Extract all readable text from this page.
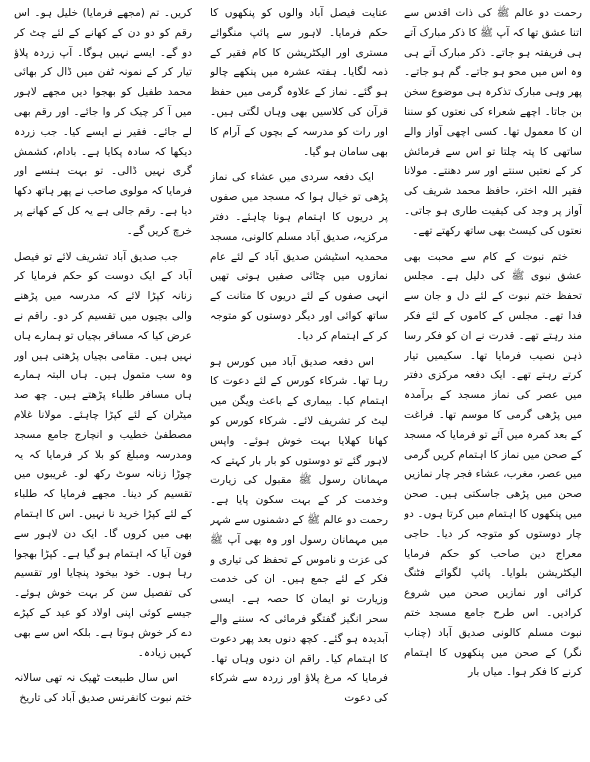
رحمت دو عالم ﷺ کی ذات اقدس سے اتنا عشق تھا کہ آپ ﷺ کا ذکر مبارک آتے ہی فریفتہ ہو جاتے۔ ذکر مبارک آتے ہی وہ اس میں محو ہو جاتے۔ گم ہو جاتے۔ پھر وہی مبارک تذکرہ ہی موضوع سخن بن جاتا۔ اچھے شعراء کی نعتوں کو سننا ان کا معمول تھا۔ کسی اچھی آواز والے ساتھی کا پتہ چلتا تو اس سے فرمائش کر کے نعتیں سنتے اور سر دھنتے۔ مولانا فقیر اللہ اختر، حافظ محمد شریف کی آواز پر وجد کی کیفیت طاری ہو جاتی۔ نعتوں کی کیسٹ بھی ساتھ رکھتے تھے۔

ختم نبوت کے کام سے محبت بھی عشق نبوی ﷺ کی دلیل ہے۔ مجلس تحفظ ختم نبوت کے لئے دل و جان سے فدا تھے۔ مجلس کے کاموں کے لئے فکر مند رہتے تھے۔ قدرت نے ان کو فکر رسا ذہن نصیب فرمایا تھا۔ سکیمیں تیار کرتے رہتے تھے۔ ایک دفعہ مرکزی دفتر میں عصر کی نماز مسجد کے برآمدہ میں پڑھی گرمی کا موسم تھا۔ فراغت کے بعد کمرہ میں آئے تو فرمایا کہ مسجد کے صحن میں نماز کا اہتمام کریں گرمی میں عصر، مغرب، عشاء فجر چار نمازیں صحن میں پڑھی جاسکتی ہیں۔ صحن میں پنکھوں کا اہتمام میں کرتا ہوں۔ دو چار دوستوں کو متوجہ کر دیا۔ حاجی معراج دین صاحب کو حکم فرمایا الیکٹریشن بلوایا۔ پائپ لگوائے فٹنگ کرائی اور نمازیں صحن میں شروع کرادیں۔ اس طرح جامع مسجد ختم نبوت مسلم کالونی صدیق آباد (چناب نگر) کے صحن میں پنکھوں کا اہتمام کرنے کا فکر ہوا۔ میاں بار

عنایت فیصل آباد والوں کو پنکھوں کا حکم فرمایا۔ لاہور سے پائپ منگوائے مستری اور الیکٹریشن کا کام فقیر کے ذمہ لگایا۔ ہفتہ عشرہ میں پنکھے چالو ہو گئے۔ نماز کے علاوہ گرمی میں حفظ قرآن کی کلاسیں بھی وہاں لگتی ہیں۔ اور رات کو مدرسہ کے بچوں کے آرام کا بھی سامان ہو گیا۔

ایک دفعہ سردی میں عشاء کی نماز پڑھی تو خیال ہوا کہ مسجد میں صفوں پر دریوں کا اہتمام ہونا چاہئے۔ دفتر مرکزیہ، صدیق آباد مسلم کالونی، مسجد محمدیہ اسٹیشن صدیق آباد کے لئے عام نمازوں میں چٹائی صفیں ہوتی تھیں انہی صفوں کے لئے دریوں کا متانت کے ساتھ کوائی اور دیگر دوستوں کو متوجہ کر کے اہتمام کر دیا۔

اس دفعہ صدیق آباد میں کورس ہو رہا تھا۔ شرکاء کورس کے لئے دعوت کا اہتمام کیا۔ بیماری کے باعث ویگن میں لیٹ کر تشریف لائے۔ شرکاء کورس کو کھانا کھلایا بہت خوش ہوئے۔ واپس لاہور گئے تو دوستوں کو بار بار کہتے کہ مہمانان رسول ﷺ مقبول کی زیارت وخدمت کر کے بہت سکون پایا ہے۔ رحمت دو عالم ﷺ کے دشمنوں سے شہر میں مہمانان رسول اور وہ بھی آپ ﷺ کی عزت و ناموس کے تحفظ کی تیاری و فکر کے لئے جمع ہیں۔ ان کی خدمت وزیارت تو ایمان کا حصہ ہے۔ ایسی سحر انگیز گفتگو فرمائی کہ سننے والے آبدیدہ ہو گئے۔ کچھ دنوں بعد پھر دعوت کا اہتمام کیا۔ راقم ان دنوں وہاں تھا۔ فرمایا کہ مرغ پلاؤ اور زردہ سے شرکاء کی دعوت

کریں۔ تم (مجھے فرمایا) خلیل ہو۔ اس رقم کو دو دن کے کھانے کے لئے چٹ کر دو گے۔ ایسے نہیں ہوگا۔ آپ زردہ پلاؤ تیار کر کے نمونہ ٹفن میں ڈال کر بھائی محمد طفیل کو بھجوا دیں مجھے لاہور میں آ کر چیک کر وا جائے۔ اور رقم بھی لے جائے۔ فقیر نے ایسے کیا۔ جب زردہ دیکھا کہ سادہ پکایا ہے۔ بادام، کشمش گری نہیں ڈالی۔ تو بہت ہنسے اور فرمایا کہ مولوی صاحب نے پھر ہاتھ دکھا دیا ہے۔ رقم جالی ہے یہ کل کے کھانے پر خرچ کریں گے۔

جب صدیق آباد تشریف لائے تو فیصل آباد کے ایک دوست کو حکم فرمایا کر زنانہ کپڑا لائے کہ مدرسہ میں پڑھنے والی بچیوں میں تقسیم کر دو۔ راقم نے عرض کیا کہ مسافر بچیاں تو ہمارے ہاں نہیں ہیں۔ مقامی بچیاں پڑھتی ہیں اور وہ سب متمول ہیں۔ ہاں البتہ ہمارے ہاں مسافر طلباء پڑھتے ہیں۔ چھ صد میٹران کے لئے کپڑا چاہئے۔ مولانا غلام مصطفیٰ خطیب و انچارج جامع مسجد ومدرسہ ومبلغ کو بلا کر فرمایا کہ یہ چوڑا زنانہ سوٹ رکھ لو۔ غریبوں میں تقسیم کر دینا۔ مجھے فرمایا کہ طلباء کے لئے کپڑا خرید نا نہیں۔ اس کا اہتمام بھی میں کروں گا۔ ایک دن لاہور سے فون آیا کہ اہتمام ہو گیا ہے۔ کپڑا بھجوا رہا ہوں۔ خود بیخود پنچایا اور تقسیم کی تفصیل سن کر بہت خوش ہوئے۔ جیسے کوئی اپنی اولاد کو عید کے کپڑے دے کر خوش ہوتا ہے۔ بلکہ اس سے بھی کہیں زیادہ۔

اس سال طبیعت ٹھیک نہ تھی سالانہ ختم نبوت کانفرنس صدیق آباد کی تاریخ
